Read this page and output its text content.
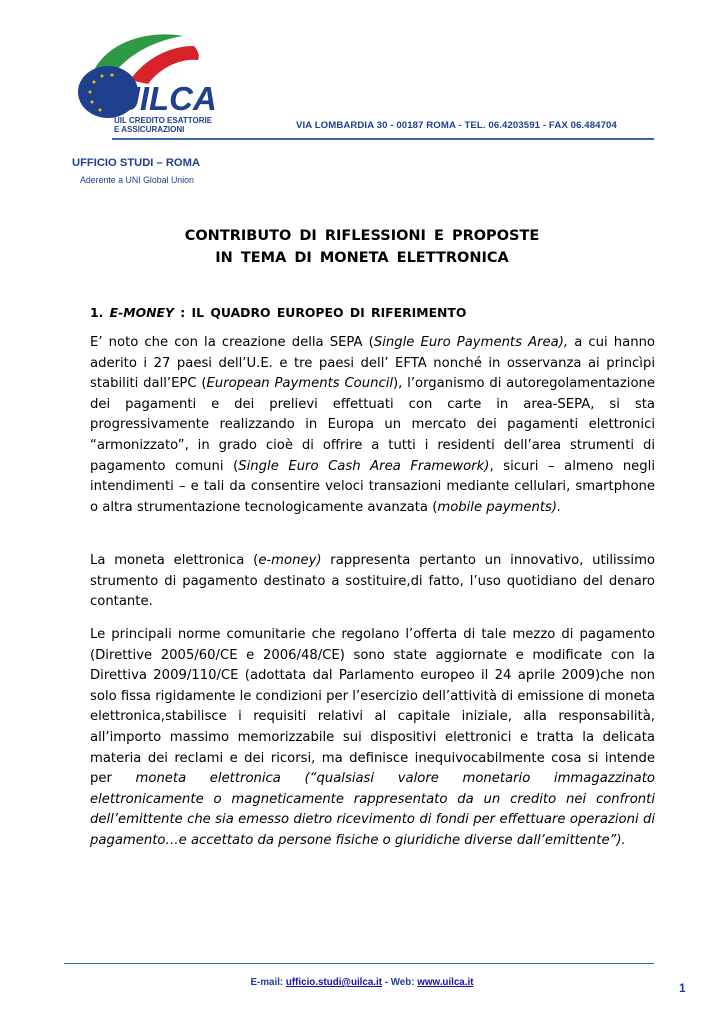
UILCA
UIL CREDITO ESATTORIE
E ASSICURAZIONI	VIA LOMBARDIA 30 - 00187 ROMA - TEL. 06.4203591 - FAX 06.484704
UFFICIO STUDI – ROMA
Aderente a UNI Global Union
CONTRIBUTO DI RIFLESSIONI E PROPOSTE
IN TEMA DI MONETA ELETTRONICA
1. E-MONEY : IL QUADRO EUROPEO DI RIFERIMENTO
E’ noto che con la creazione della SEPA (Single Euro Payments Area), a cui hanno aderito i 27 paesi dell’U.E. e tre paesi dell’ EFTA nonché in osservanza ai princìpi stabiliti dall’EPC (European Payments Council), l’organismo di autoregolamentazione dei pagamenti e dei prelievi effettuati con carte in area-SEPA, si sta progressivamente realizzando in Europa un mercato dei pagamenti elettronici “armonizzato”, in grado cioè di offrire a tutti i residenti dell’area strumenti di pagamento comuni (Single Euro Cash Area Framework), sicuri – almeno negli intendimenti – e tali da consentire veloci transazioni mediante cellulari, smartphone o altra strumentazione tecnologicamente avanzata (mobile payments).
La moneta elettronica (e-money) rappresenta pertanto un innovativo, utilissimo strumento di pagamento destinato a sostituire,di fatto, l’uso quotidiano del denaro contante.
Le principali norme comunitarie che regolano l’offerta di tale mezzo di pagamento (Direttive 2005/60/CE e 2006/48/CE) sono state aggiornate e modificate con la Direttiva 2009/110/CE (adottata dal Parlamento europeo il 24 aprile 2009)che non solo fissa rigidamente le condizioni per l’esercizio dell’attività di emissione di moneta elettronica,stabilisce i requisiti relativi al capitale iniziale, alla responsabilità, all’importo massimo memorizzabile sui dispositivi elettronici e tratta la delicata materia dei reclami e dei ricorsi, ma definisce inequivocabilmente cosa si intende per moneta elettronica (“qualsiasi valore monetario immagazzinato elettronicamente o magneticamente rappresentato da un credito nei confronti dell’emittente che sia emesso dietro ricevimento di fondi per effettuare operazioni di pagamento…e accettato da persone fisiche o giuridiche diverse dall’emittente”).
E-mail: ufficio.studi@uilca.it - Web: www.uilca.it	1
